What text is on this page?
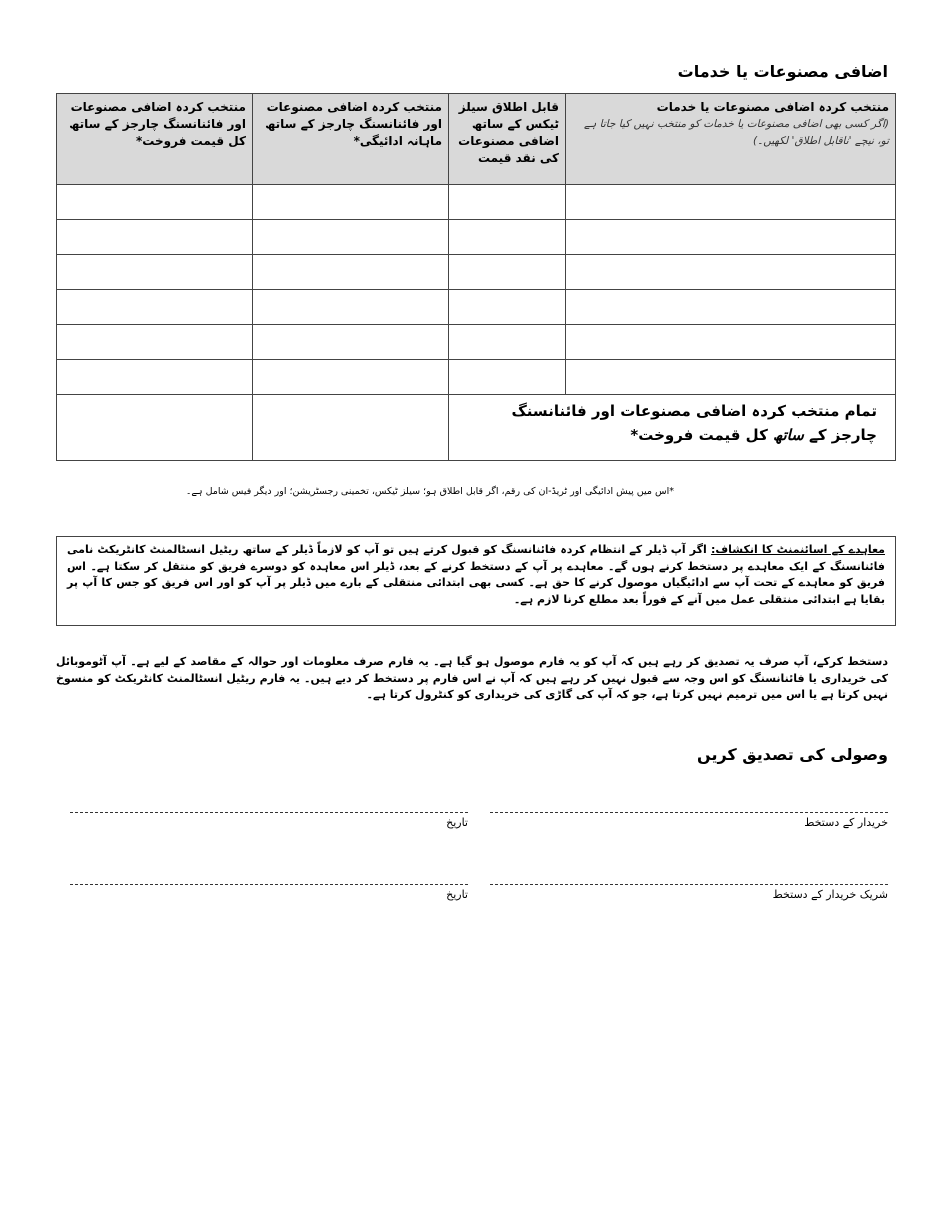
اضافی مصنوعات یا خدمات
منتخب کردہ اضافی مصنوعات یا خدمات
(اگر کسی بھی اضافی مصنوعات یا خدمات کو منتخب نہیں کیا جاتا ہے تو، نیچے 'ناقابل اطلاق' لکھیں۔)	قابل اطلاق سیلز ٹیکس کے ساتھ اضافی مصنوعات کی نقد قیمت	منتخب کردہ اضافی مصنوعات اور فائنانسنگ چارجز کے ساتھ ماہانہ ادائیگی*	منتخب کردہ اضافی مصنوعات اور فائنانسنگ چارجز کے ساتھ کل قیمت فروخت*

تمام منتخب کردہ اضافی مصنوعات اور فائنانسنگ چارجز کے ساتھ کل قیمت فروخت*			
*اس میں پیش ادائیگی اور ٹریڈ-ان کی رقم، اگر قابل اطلاق ہو؛ سیلز ٹیکس، تخمینی رجسٹریشن؛ اور دیگر فیس شامل ہے۔
معاہدے کے اسائنمنٹ کا انکشاف: اگر آپ ڈیلر کے انتظام کردہ فائنانسنگ کو قبول کرتے ہیں تو آپ کو لازماً ڈیلر کے ساتھ ریٹیل انسٹالمنٹ کانٹریکٹ نامی فائنانسنگ کے ایک معاہدے پر دستخط کرنے ہوں گے۔ معاہدے پر آپ کے دستخط کرنے کے بعد، ڈیلر اس معاہدہ کو دوسرے فریق کو منتقل کر سکتا ہے۔ اس فریق کو معاہدے کے تحت آپ سے ادائیگیاں موصول کرنے کا حق ہے۔ کسی بھی ابتدائی منتقلی کے بارے میں ڈیلر پر آپ کو اور اس فریق کو جس کا آپ پر بقایا ہے ابتدائی منتقلی عمل میں آنے کے فوراً بعد مطلع کرنا لازم ہے۔
دستخط کرکے، آپ صرف یہ تصدیق کر رہے ہیں کہ آپ کو یہ فارم موصول ہو گیا ہے۔ یہ فارم صرف معلومات اور حوالہ کے مقاصد کے لیے ہے۔ آپ آٹوموبائل کی خریداری یا فائنانسنگ کو اس وجہ سے قبول نہیں کر رہے ہیں کہ آپ نے اس فارم پر دستخط کر دیے ہیں۔ یہ فارم ریٹیل انسٹالمنٹ کانٹریکٹ کو منسوخ نہیں کرتا ہے یا اس میں ترمیم نہیں کرتا ہے، جو کہ آپ کی گاڑی کی خریداری کو کنٹرول کرتا ہے۔
وصولی کی تصدیق کریں
خریدار کے دستخط
تاریخ
شریک خریدار کے دستخط
تاریخ
